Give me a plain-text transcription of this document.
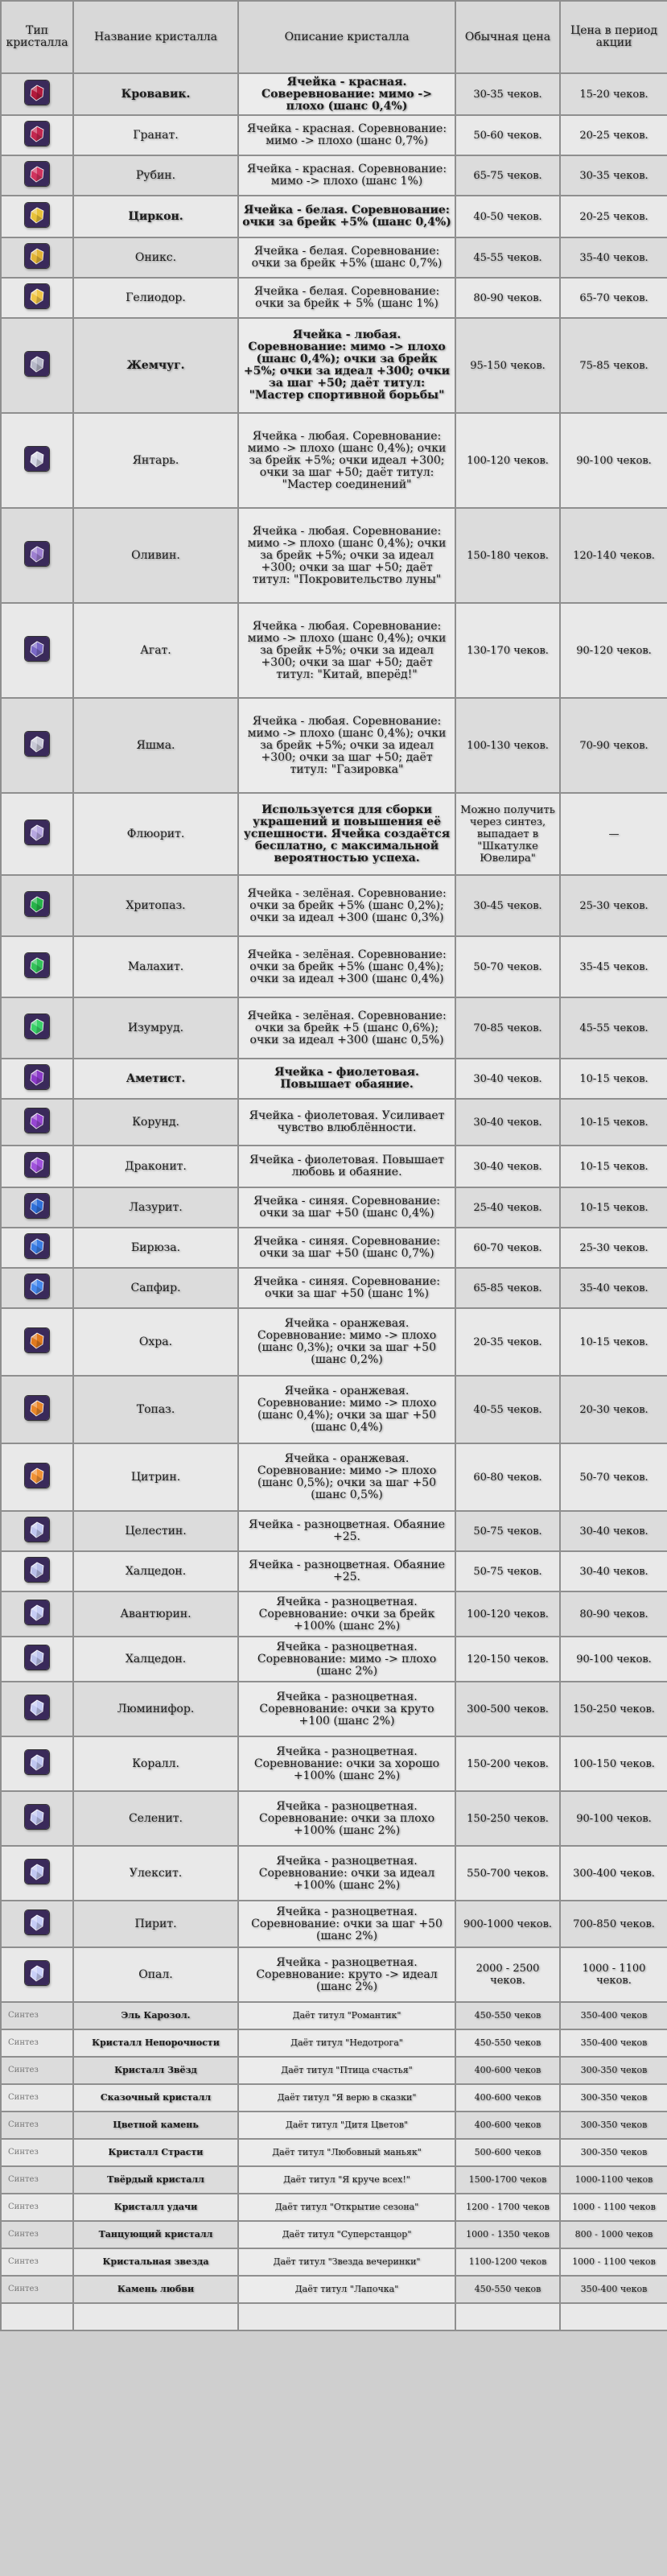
Тип кристалла	Название кристалла	Описание кристалла	Обычная цена	Цена в период акции

	Кровавик.	Ячейка - красная. Соверевнование: мимо -> плохо (шанс 0,4%)	30-35 чеков.	15-20 чеков.

	Гранат.	Ячейка - красная. Соревнование: мимо -> плохо (шанс 0,7%)	50-60 чеков.	20-25 чеков.

	Рубин.	Ячейка - красная. Соревнование: мимо -> плохо (шанс 1%)	65-75 чеков.	30-35 чеков.

	Циркон.	Ячейка - белая. Соревнование: очки за брейк +5% (шанс 0,4%)	40-50 чеков.	20-25 чеков.

	Оникс.	Ячейка - белая. Соревнование: очки за брейк +5% (шанс 0,7%)	45-55 чеков.	35-40 чеков.

	Гелиодор.	Ячейка - белая. Соревнование: очки за брейк + 5% (шанс 1%)	80-90 чеков.	65-70 чеков.

	Жемчуг.	Ячейка - любая. Соревнование: мимо -> плохо (шанс 0,4%); очки за брейк +5%; очки за идеал +300; очки за шаг +50; даёт титул: "Мастер спортивной борьбы"	95-150 чеков.	75-85 чеков.

	Янтарь.	Ячейка - любая. Соревнование: мимо -> плохо (шанс 0,4%); очки за брейк +5%; очки идеал +300; очки за шаг +50; даёт титул: "Мастер соединений"	100-120 чеков.	90-100 чеков.

	Оливин.	Ячейка - любая. Соревнование: мимо -> плохо (шанс 0,4%); очки за брейк +5%; очки за идеал +300; очки за шаг +50; даёт титул: "Покровительство луны"	150-180 чеков.	120-140 чеков.

	Агат.	Ячейка - любая. Соревнование: мимо -> плохо (шанс 0,4%); очки за брейк +5%; очки за идеал +300; очки за шаг +50; даёт титул: "Китай, вперёд!"	130-170 чеков.	90-120 чеков.

	Яшма.	Ячейка - любая. Соревнование: мимо -> плохо (шанс 0,4%); очки за брейк +5%; очки за идеал +300; очки за шаг +50; даёт титул: "Газировка"	100-130 чеков.	70-90 чеков.

	Флюорит.	Используется для сборки украшений и повышения её успешности. Ячейка создаётся бесплатно, с максимальной вероятностью успеха.	Можно получить через синтез, выпадает в "Шкатулке Ювелира"	—

	Хритопаз.	Ячейка - зелёная. Соревнование: очки за брейк +5% (шанс 0,2%); очки за идеал +300 (шанс 0,3%)	30-45 чеков.	25-30 чеков.

	Малахит.	Ячейка - зелёная. Соревнование: очки за брейк +5% (шанс 0,4%); очки за идеал +300 (шанс 0,4%)	50-70 чеков.	35-45 чеков.

	Изумруд.	Ячейка - зелёная. Соревнование: очки за брейк +5 (шанс 0,6%); очки за идеал +300 (шанс 0,5%)	70-85 чеков.	45-55 чеков.

	Аметист.	Ячейка - фиолетовая. Повышает обаяние.	30-40 чеков.	10-15 чеков.

	Корунд.	Ячейка - фиолетовая. Усиливает чувство влюблённости.	30-40 чеков.	10-15 чеков.

	Драконит.	Ячейка - фиолетовая. Повышает любовь и обаяние.	30-40 чеков.	10-15 чеков.

	Лазурит.	Ячейка - синяя. Соревнование: очки за шаг +50 (шанс 0,4%)	25-40 чеков.	10-15 чеков.

	Бирюза.	Ячейка - синяя. Соревнование: очки за шаг +50 (шанс 0,7%)	60-70 чеков.	25-30 чеков.

	Сапфир.	Ячейка - синяя. Соревнование: очки за шаг +50 (шанс 1%)	65-85 чеков.	35-40 чеков.

	Охра.	Ячейка - оранжевая. Соревнование: мимо -> плохо (шанс 0,3%); очки за шаг +50 (шанс 0,2%)	20-35 чеков.	10-15 чеков.

	Топаз.	Ячейка - оранжевая. Соревнование: мимо -> плохо (шанс 0,4%); очки за шаг +50 (шанс 0,4%)	40-55 чеков.	20-30 чеков.

	Цитрин.	Ячейка - оранжевая. Соревнование: мимо -> плохо (шанс 0,5%); очки за шаг +50 (шанс 0,5%)	60-80 чеков.	50-70 чеков.

	Целестин.	Ячейка - разноцветная. Обаяние +25.	50-75 чеков.	30-40 чеков.

	Халцедон.	Ячейка - разноцветная. Обаяние +25.	50-75 чеков.	30-40 чеков.

	Авантюрин.	Ячейка - разноцветная. Соревнование: очки за брейк +100% (шанс 2%)	100-120 чеков.	80-90 чеков.

	Халцедон.	Ячейка - разноцветная. Соревнование: мимо -> плохо (шанс 2%)	120-150 чеков.	90-100 чеков.

	Люминифор.	Ячейка - разноцветная. Соревнование: очки за круто +100 (шанс 2%)	300-500 чеков.	150-250 чеков.

	Коралл.	Ячейка - разноцветная. Соревнование: очки за хорошо +100% (шанс 2%)	150-200 чеков.	100-150 чеков.

	Селенит.	Ячейка - разноцветная. Соревнование: очки за плохо +100% (шанс 2%)	150-250 чеков.	90-100 чеков.

	Улексит.	Ячейка - разноцветная. Соревнование: очки за идеал +100% (шанс 2%)	550-700 чеков.	300-400 чеков.

	Пирит.	Ячейка - разноцветная. Соревнование: очки за шаг +50 (шанс 2%)	900-1000 чеков.	700-850 чеков.

	Опал.	Ячейка - разноцветная. Соревнование: круто -> идеал (шанс 2%)	2000 - 2500 чеков.	1000 - 1100 чеков.
Синтез	Эль Карозол.	Даёт титул "Романтик"	450-550 чеков	350-400 чеков
Синтез	Кристалл Непорочности	Даёт титул "Недотрога"	450-550 чеков	350-400 чеков
Синтез	Кристалл Звёзд	Даёт титул "Птица счастья"	400-600 чеков	300-350 чеков
Синтез	Сказочный кристалл	Даёт титул "Я верю в сказки"	400-600 чеков	300-350 чеков
Синтез	Цветной камень	Даёт титул "Дитя Цветов"	400-600 чеков	300-350 чеков
Синтез	Кристалл Страсти	Даёт титул "Любовный маньяк"	500-600 чеков	300-350 чеков
Синтез	Твёрдый кристалл	Даёт титул "Я круче всех!"	1500-1700 чеков	1000-1100 чеков
Синтез	Кристалл удачи	Даёт титул "Открытие сезона"	1200 - 1700 чеков	1000 - 1100 чеков
Синтез	Танцующий кристалл	Даёт титул "Суперстанцор"	1000 - 1350 чеков	800 - 1000 чеков
Синтез	Кристальная звезда	Даёт титул "Звезда вечеринки"	1100-1200 чеков	1000 - 1100 чеков
Синтез	Камень любви	Даёт титул "Лапочка"	450-550 чеков	350-400 чеков
